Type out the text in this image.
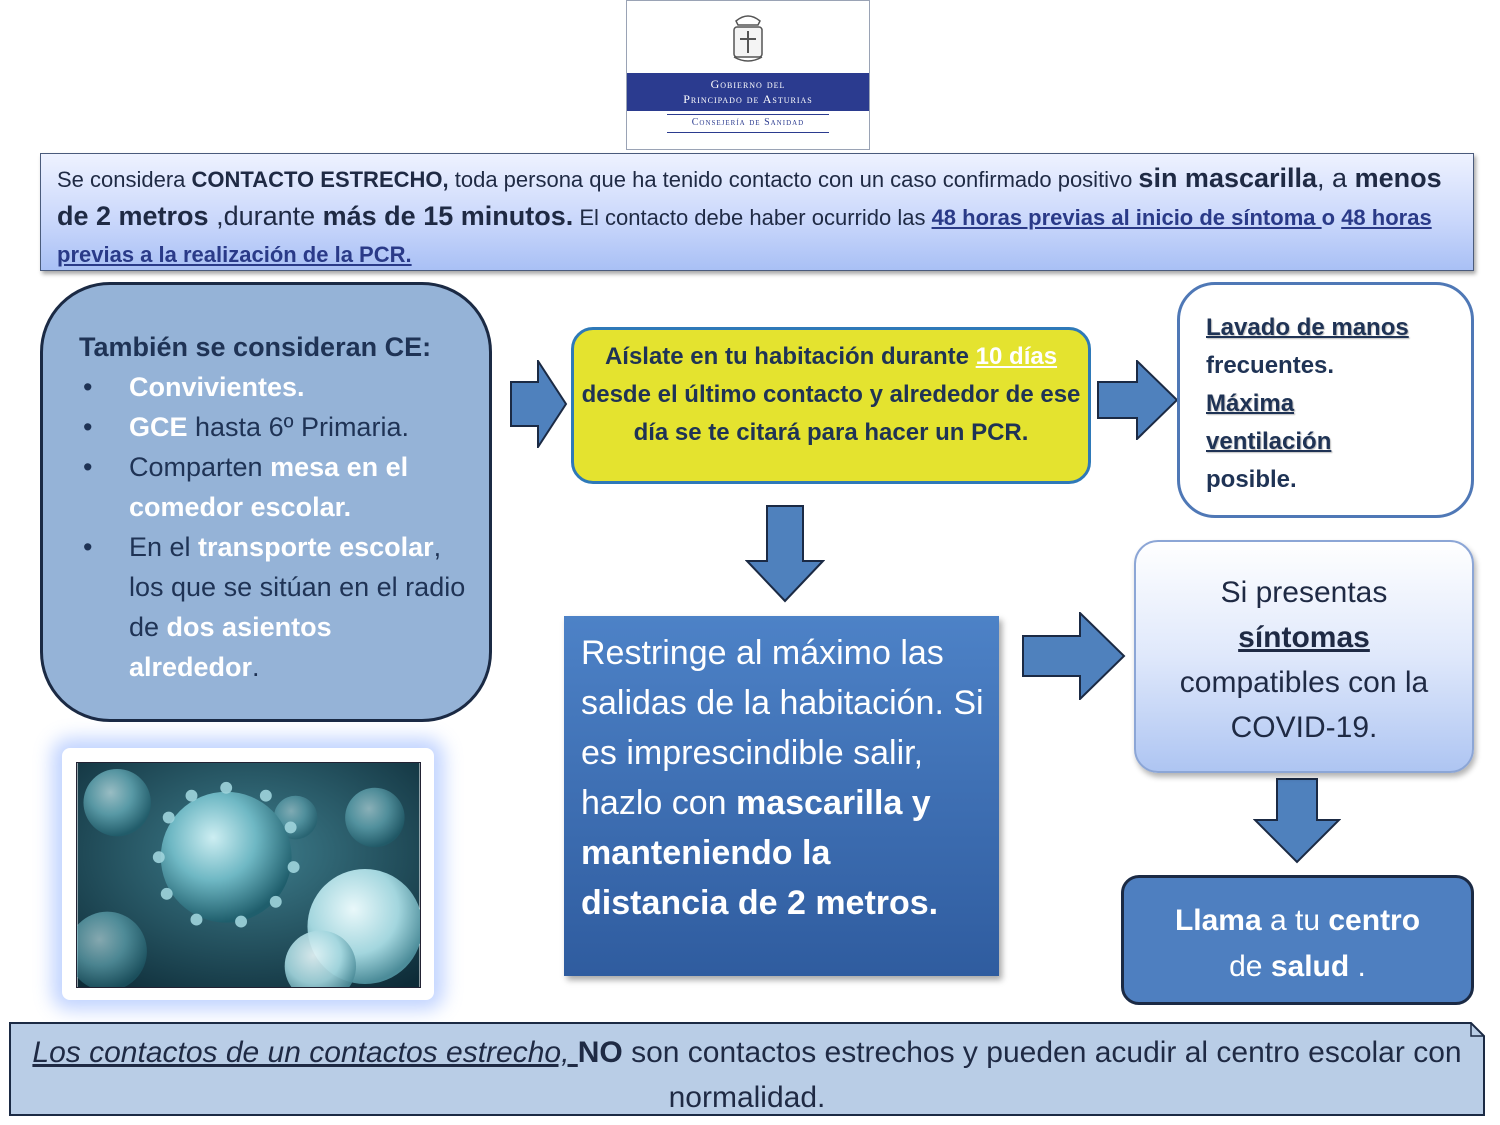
Gobierno del
Principado de Asturias
Consejería de Sanidad
Se considera CONTACTO ESTRECHO, toda persona que ha tenido contacto con un caso confirmado positivo sin mascarilla, a menos de 2 metros ,durante más de 15 minutos. El contacto debe haber ocurrido las 48 horas previas al inicio de síntoma o 48 horas previas a la realización de la PCR.
También se consideran CE:
• Convivientes.
• GCE hasta 6º Primaria.
• Comparten mesa en el comedor escolar.
• En el transporte escolar, los que se sitúan en el radio de dos asientos alrededor.
Aíslate en tu habitación durante 10 días desde el último contacto y alrededor de ese día se te citará para hacer un PCR.
Lavado de manos
frecuentes.
Máxima ventilación
posible.
Restringe al máximo las salidas de la habitación. Si es imprescindible salir, hazlo con mascarilla y manteniendo la distancia de 2 metros.
Si presentas
síntomas
compatibles con la COVID-19.
Llama a tu centro
de salud .
Los contactos de un contactos estrecho, NO son contactos estrechos y pueden acudir al centro escolar con normalidad.
